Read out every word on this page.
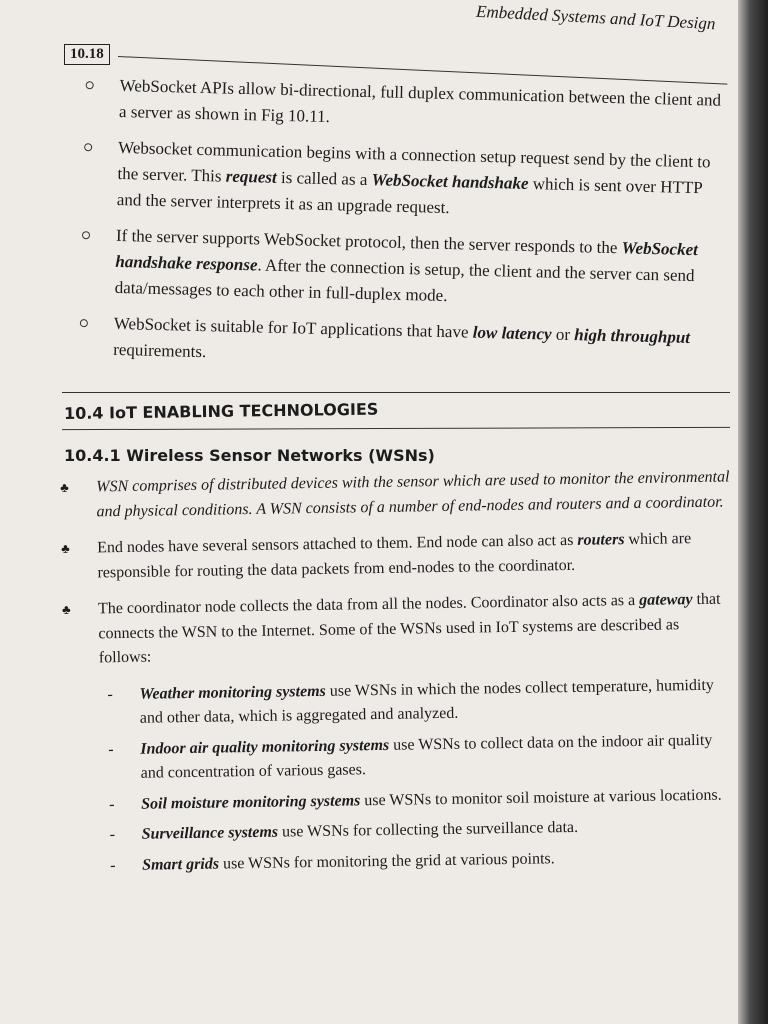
Embedded Systems and IoT Design
10.18
WebSocket APIs allow bi-directional, full duplex communication between the client and a server as shown in Fig 10.11.
Websocket communication begins with a connection setup request send by the client to the server. This request is called as a WebSocket handshake which is sent over HTTP and the server interprets it as an upgrade request.
If the server supports WebSocket protocol, then the server responds to the WebSocket handshake response. After the connection is setup, the client and the server can send data/messages to each other in full-duplex mode.
WebSocket is suitable for IoT applications that have low latency or high throughput requirements.
10.4 IoT ENABLING TECHNOLOGIES
10.4.1 Wireless Sensor Networks (WSNs)
♣ WSN comprises of distributed devices with the sensor which are used to monitor the environmental and physical conditions. A WSN consists of a number of end-nodes and routers and a coordinator.
♣ End nodes have several sensors attached to them. End node can also act as routers which are responsible for routing the data packets from end-nodes to the coordinator.
♣ The coordinator node collects the data from all the nodes. Coordinator also acts as a gateway that connects the WSN to the Internet. Some of the WSNs used in IoT systems are described as follows:
- Weather monitoring systems use WSNs in which the nodes collect temperature, humidity and other data, which is aggregated and analyzed.
- Indoor air quality monitoring systems use WSNs to collect data on the indoor air quality and concentration of various gases.
- Soil moisture monitoring systems use WSNs to monitor soil moisture at various locations.
- Surveillance systems use WSNs for collecting the surveillance data.
- Smart grids use WSNs for monitoring the grid at various points.
